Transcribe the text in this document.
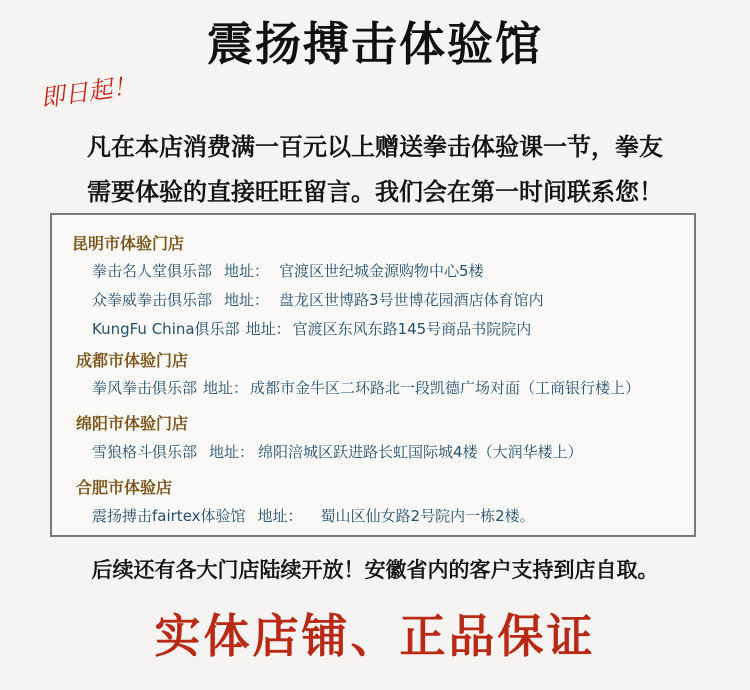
震扬搏击体验馆
即日起！
凡在本店消费满一百元以上赠送拳击体验课一节，拳友
需要体验的直接旺旺留言。我们会在第一时间联系您！
昆明市体验门店
拳击名人堂俱乐部 地址： 官渡区世纪城金源购物中心5楼
众拳威拳击俱乐部 地址： 盘龙区世博路3号世博花园酒店体育馆内
KungFu China俱乐部 地址： 官渡区东风东路145号商品书院院内
成都市体验门店
拳风拳击俱乐部 地址： 成都市金牛区二环路北一段凯德广场对面（工商银行楼上）
绵阳市体验门店
雪狼格斗俱乐部 地址： 绵阳涪城区跃进路长虹国际城4楼（大润华楼上）
合肥市体验店
震扬搏击fairtex体验馆 地址： 蜀山区仙女路2号院内一栋2楼。
后续还有各大门店陆续开放！安徽省内的客户支持到店自取。
实体店铺、正品保证
